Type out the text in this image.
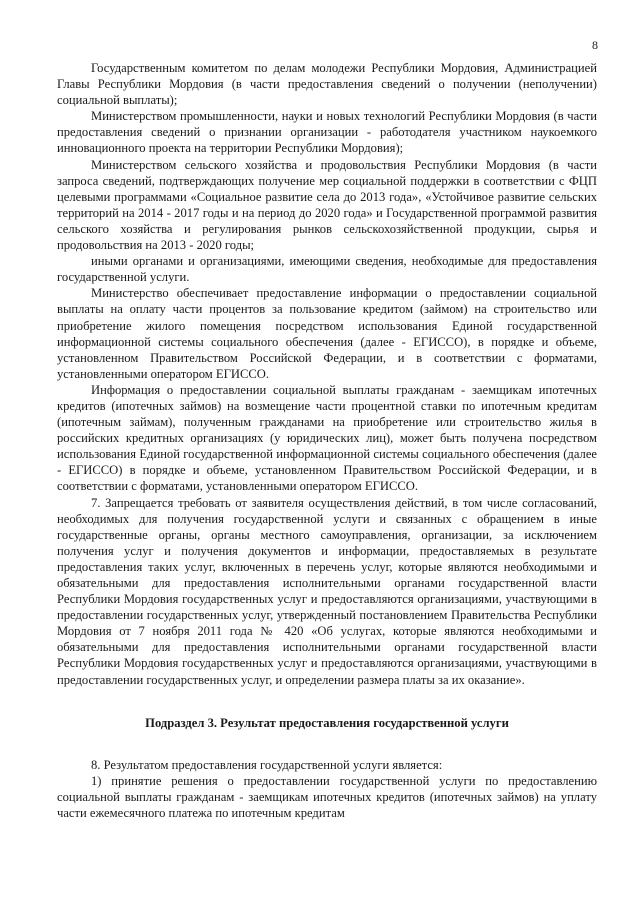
8

Государственным комитетом по делам молодежи Республики Мордовия, Администрацией Главы Республики Мордовия (в части предоставления сведений о получении (неполучении) социальной выплаты);

Министерством промышленности, науки и новых технологий Республики Мордовия (в части предоставления сведений о признании организации - работодателя участником наукоемкого инновационного проекта на территории Республики Мордовия);

Министерством сельского хозяйства и продовольствия Республики Мордовия (в части запроса сведений, подтверждающих получение мер социальной поддержки в соответствии с ФЦП целевыми программами «Социальное развитие села до 2013 года», «Устойчивое развитие сельских территорий на 2014 - 2017 годы и на период до 2020 года» и Государственной программой развития сельского хозяйства и регулирования рынков сельскохозяйственной продукции, сырья и продовольствия на 2013 - 2020 годы;

иными органами и организациями, имеющими сведения, необходимые для предоставления государственной услуги.

Министерство обеспечивает предоставление информации о предоставлении социальной выплаты на оплату части процентов за пользование кредитом (займом) на строительство или приобретение жилого помещения посредством использования Единой государственной информационной системы социального обеспечения (далее - ЕГИССО), в порядке и объеме, установленном Правительством Российской Федерации, и в соответствии с форматами, установленными оператором ЕГИССО.

Информация о предоставлении социальной выплаты гражданам - заемщикам ипотечных кредитов (ипотечных займов) на возмещение части процентной ставки по ипотечным кредитам (ипотечным займам), полученным гражданами на приобретение или строительство жилья в российских кредитных организациях (у юридических лиц), может быть получена посредством использования Единой государственной информационной системы социального обеспечения (далее - ЕГИССО) в порядке и объеме, установленном Правительством Российской Федерации, и в соответствии с форматами, установленными оператором ЕГИССО.

7. Запрещается требовать от заявителя осуществления действий, в том числе согласований, необходимых для получения государственной услуги и связанных с обращением в иные государственные органы, органы местного самоуправления, организации, за исключением получения услуг и получения документов и информации, предоставляемых в результате предоставления таких услуг, включенных в перечень услуг, которые являются необходимыми и обязательными для предоставления исполнительными органами государственной власти Республики Мордовия государственных услуг и предоставляются организациями, участвующими в предоставлении государственных услуг, утвержденный постановлением Правительства Республики Мордовия от 7 ноября 2011 года № 420 «Об услугах, которые являются необходимыми и обязательными для предоставления исполнительными органами государственной власти Республики Мордовия государственных услуг и предоставляются организациями, участвующими в предоставлении государственных услуг, и определении размера платы за их оказание».

Подраздел 3. Результат предоставления государственной услуги

8. Результатом предоставления государственной услуги является:

1) принятие решения о предоставлении государственной услуги по предоставлению социальной выплаты гражданам - заемщикам ипотечных кредитов (ипотечных займов) на уплату части ежемесячного платежа по ипотечным кредитам
